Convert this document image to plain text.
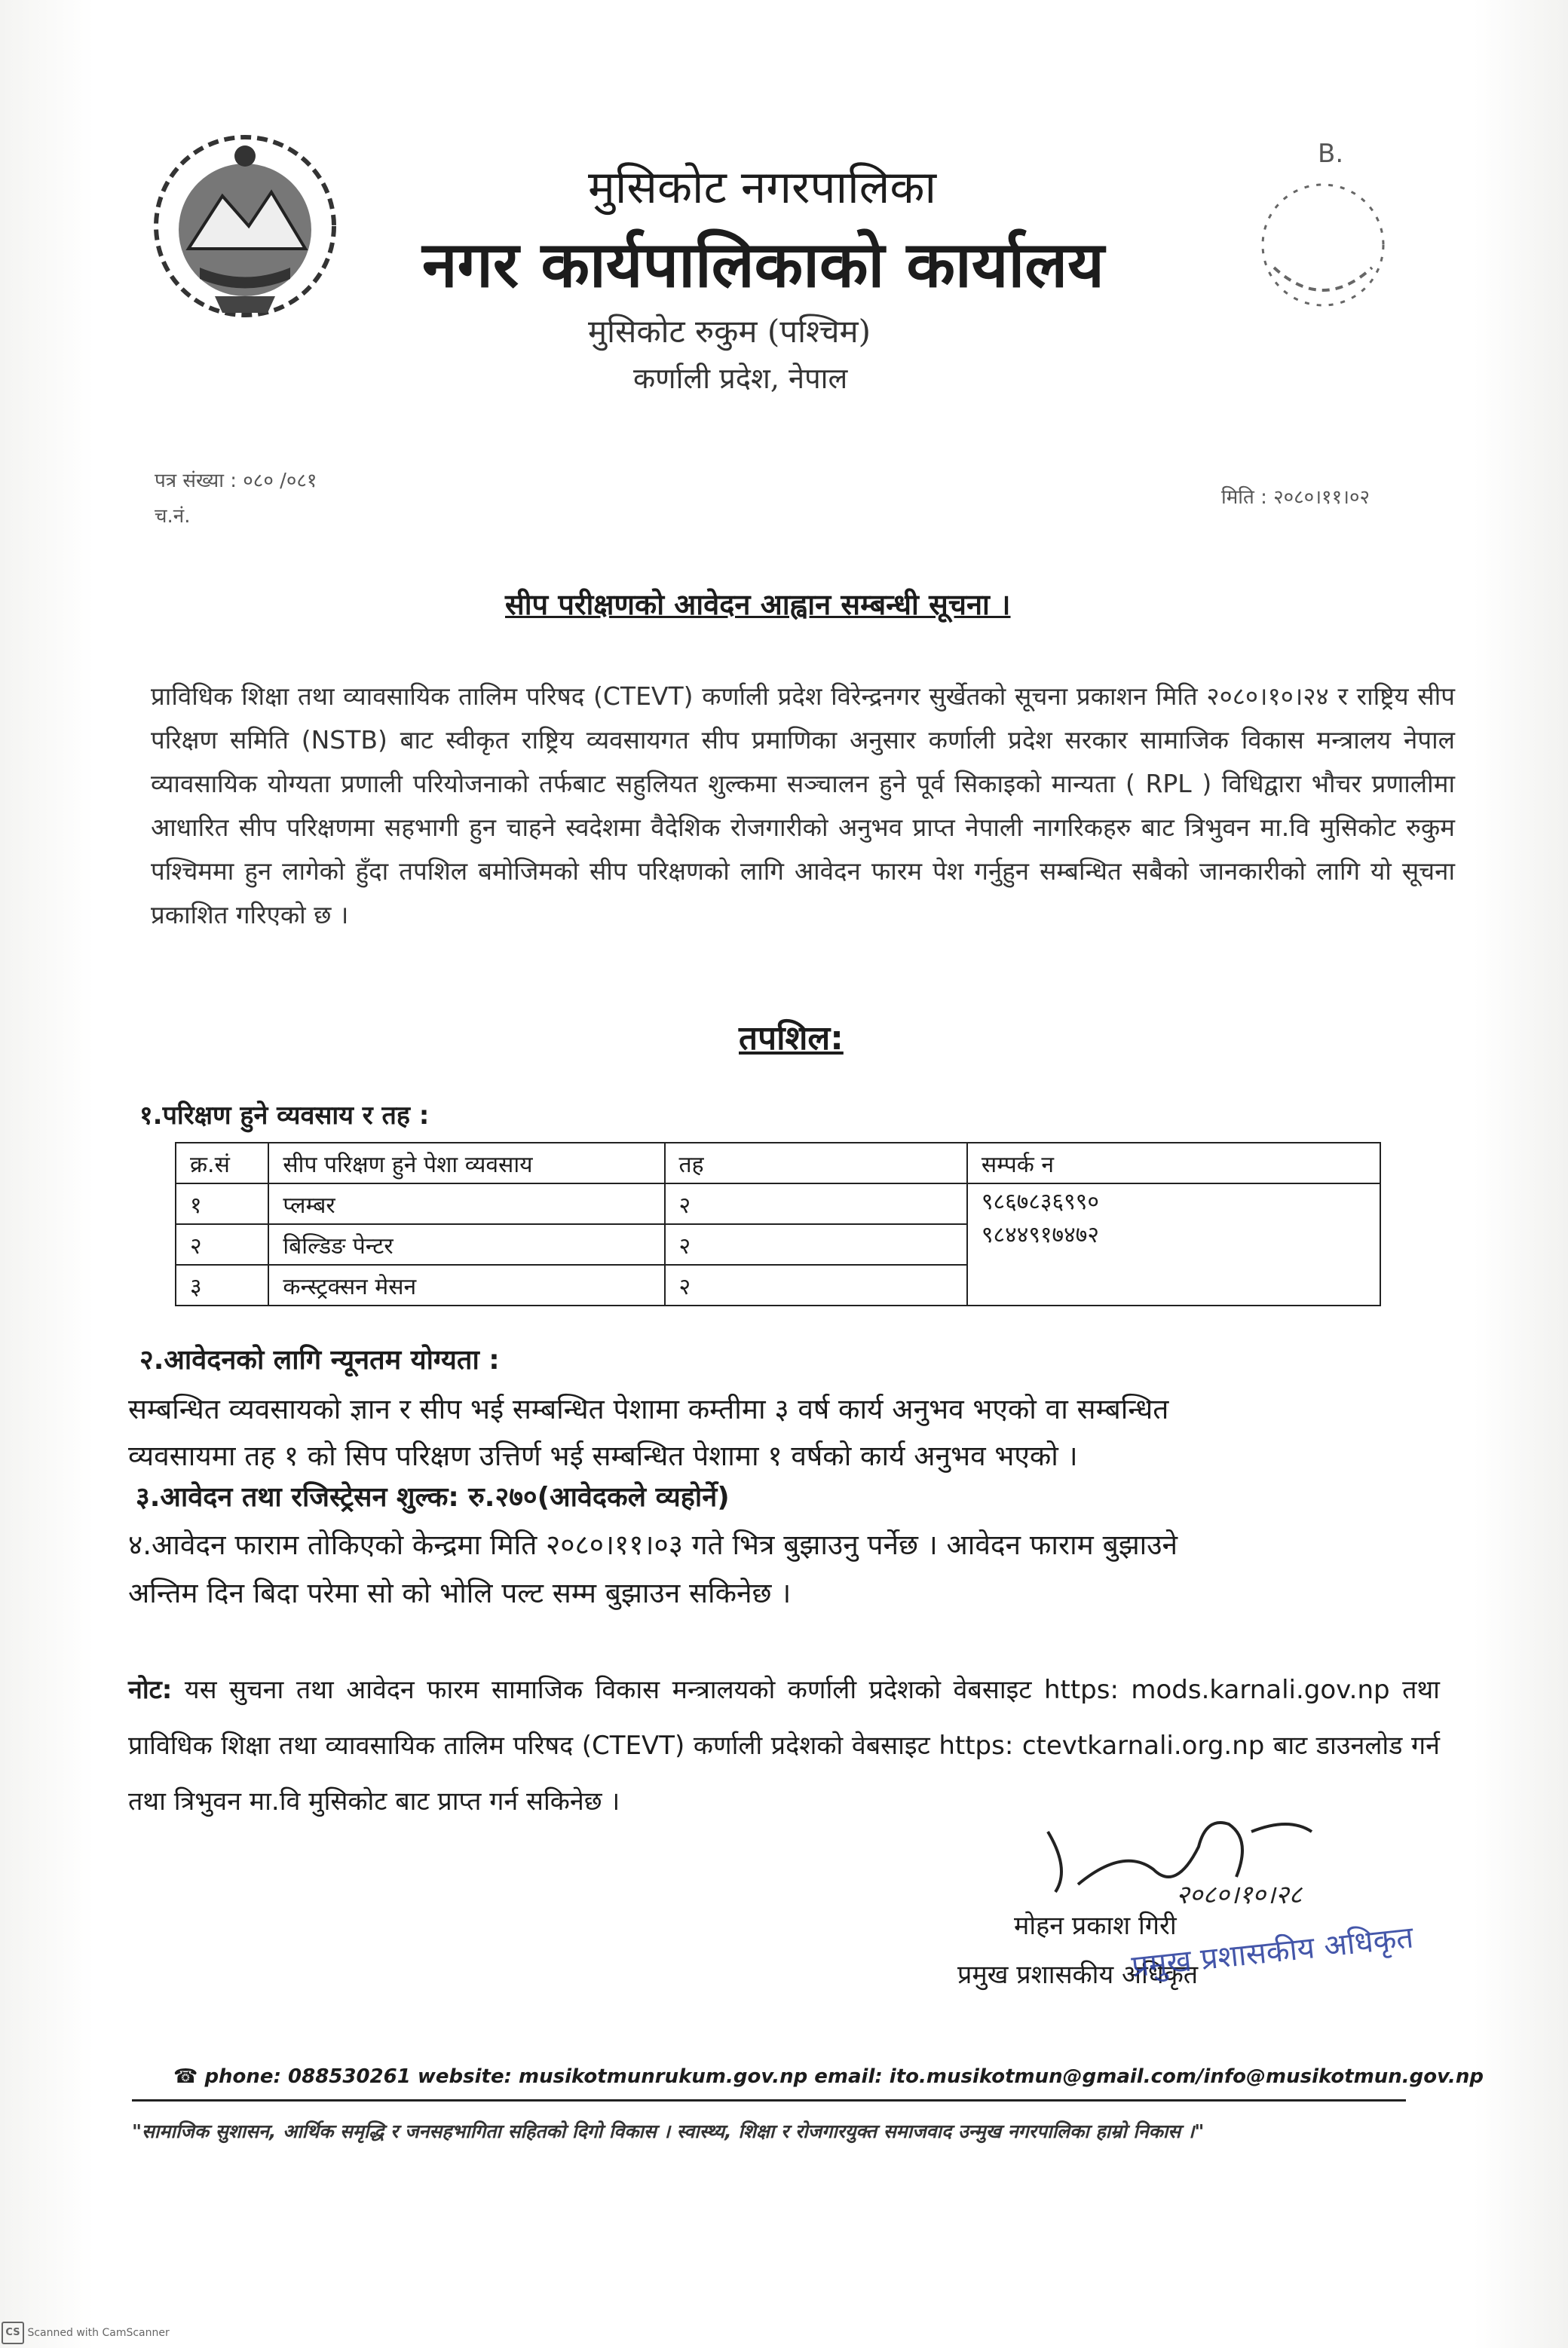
B.
मुसिकोट नगरपालिका
नगर कार्यपालिकाको कार्यालय
मुसिकोट रुकुम (पश्चिम)
कर्णाली प्रदेश, नेपाल
पत्र संख्या : ०८० /०८१
च.नं.
मिति : २०८०।११।०२
सीप परीक्षणको आवेदन आह्वान सम्बन्धी सूचना ।
प्राविधिक शिक्षा तथा व्यावसायिक तालिम परिषद (CTEVT) कर्णाली प्रदेश विरेन्द्रनगर सुर्खेतको सूचना प्रकाशन मिति २०८०।१०।२४ र राष्ट्रिय सीप परिक्षण समिति (NSTB) बाट स्वीकृत राष्ट्रिय व्यवसायगत सीप प्रमाणिका अनुसार कर्णाली प्रदेश सरकार सामाजिक विकास मन्त्रालय नेपाल व्यावसायिक योग्यता प्रणाली परियोजनाको तर्फबाट सहुलियत शुल्कमा सञ्चालन हुने पूर्व सिकाइको मान्यता ( RPL ) विधिद्वारा भौचर प्रणालीमा आधारित सीप परिक्षणमा सहभागी हुन चाहने स्वदेशमा वैदेशिक रोजगारीको अनुभव प्राप्त नेपाली नागरिकहरु बाट त्रिभुवन मा.वि मुसिकोट रुकुम पश्चिममा हुन लागेको हुँदा तपशिल बमोजिमको सीप परिक्षणको लागि आवेदन फारम पेश गर्नुहुन सम्बन्धित सबैको जानकारीको लागि यो सूचना प्रकाशित गरिएको छ ।
तपशिल:
१.परिक्षण हुने व्यवसाय र तह :
क्र.सं	सीप परिक्षण हुने पेशा व्यवसाय	तह	सम्पर्क न
१	प्लम्बर	२	९८६७८३६९९०
९८४४९१७४७२

२	बिल्डिङ पेन्टर	२	
३	कन्स्ट्रक्सन मेसन	२	
२.आवेदनको लागि न्यूनतम योग्यता :
सम्बन्धित व्यवसायको ज्ञान र सीप भई सम्बन्धित पेशामा कम्तीमा ३ वर्ष कार्य अनुभव भएको वा सम्बन्धित
व्यवसायमा तह १ को सिप परिक्षण उत्तिर्ण भई सम्बन्धित पेशामा १ वर्षको कार्य अनुभव भएको ।
३.आवेदन तथा रजिस्ट्रेसन शुल्क: रु.२७०(आवेदकले व्यहोर्ने)
४.आवेदन फाराम तोकिएको केन्द्रमा मिति २०८०।११।०३ गते भित्र बुझाउनु पर्नेछ । आवेदन फाराम बुझाउने
अन्तिम दिन बिदा परेमा सो को भोलि पल्ट सम्म बुझाउन सकिनेछ ।
नोट: यस सुचना तथा आवेदन फारम सामाजिक विकास मन्त्रालयको कर्णाली प्रदेशको वेबसाइट https: mods.karnali.gov.np तथा प्राविधिक शिक्षा तथा व्यावसायिक तालिम परिषद (CTEVT) कर्णाली प्रदेशको वेबसाइट https: ctevtkarnali.org.np बाट डाउनलोड गर्न तथा त्रिभुवन मा.वि मुसिकोट बाट प्राप्त गर्न सकिनेछ ।
२०८०।१०।२८
मोहन प्रकाश गिरी
प्रमुख प्रशासकीय अधिकृत
प्रमुख प्रशासकीय अधिकृत
☎ phone: 088530261 website: musikotmunrukum.gov.np email: ito.musikotmun@gmail.com/info@musikotmun.gov.np
"सामाजिक सुशासन, आर्थिक समृद्धि र जनसहभागिता सहितको दिगो विकास । स्वास्थ्य, शिक्षा र रोजगारयुक्त समाजवाद उन्मुख नगरपालिका हाम्रो निकास ।"
CS Scanned with CamScanner
